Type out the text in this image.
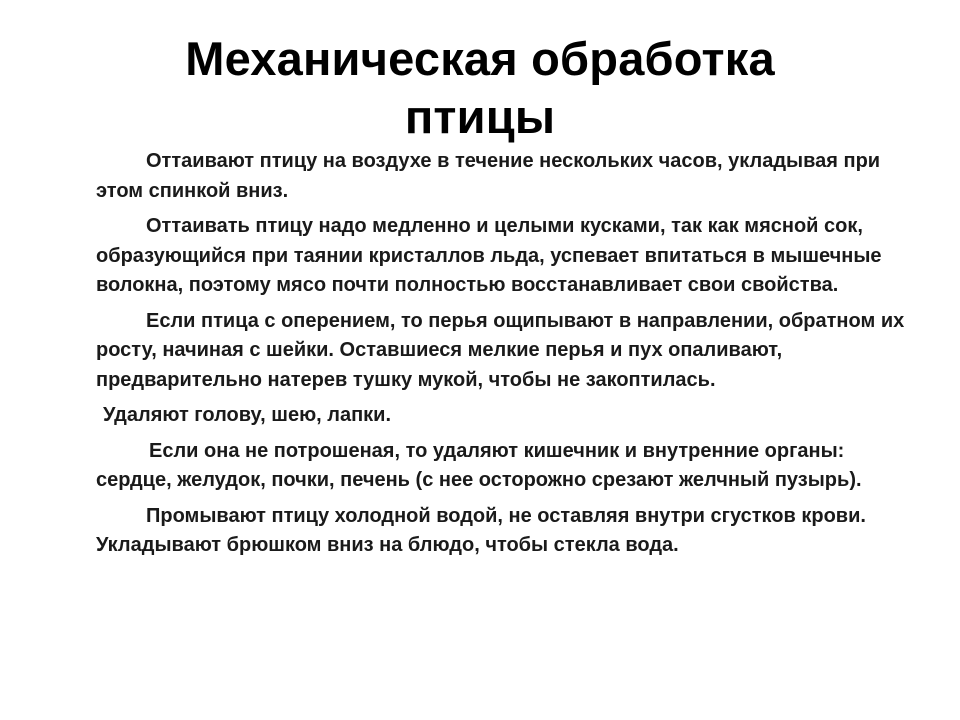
Механическая обработка
птицы

Оттаивают птицу на воздухе в течение нескольких часов, укладывая при этом спинкой вниз.

Оттаивать птицу надо медленно и целыми кусками, так как мясной сок, образующийся при таянии кристаллов льда, успевает впитаться в мышечные волокна, поэтому мясо почти полностью восстанавливает свои свойства.

Если птица с оперением, то перья ощипывают в направлении, обратном их росту, начиная с шейки. Оставшиеся мелкие перья и пух опаливают, предварительно натерев тушку мукой, чтобы не закоптилась.

Удаляют голову, шею, лапки.

Если она не потрошеная, то удаляют кишечник и внутренние органы: сердце, желудок, почки, печень (с нее осторожно срезают желчный пузырь).

Промывают птицу холодной водой, не оставляя внутри сгустков крови. Укладывают брюшком вниз на блюдо, чтобы стекла вода.
